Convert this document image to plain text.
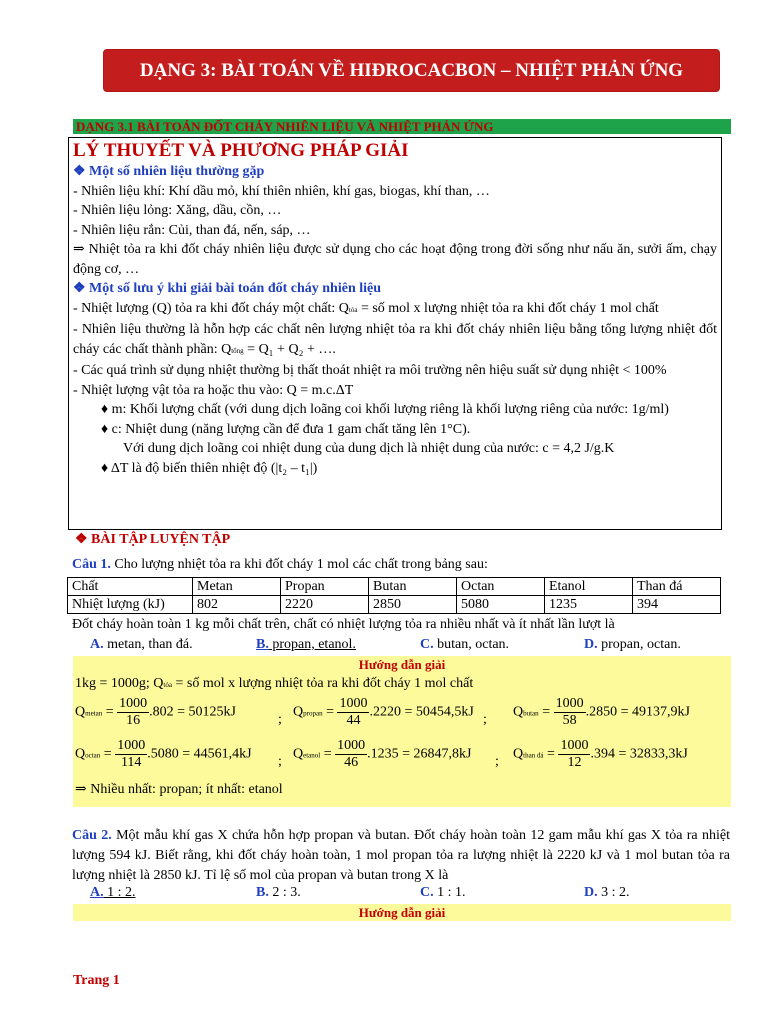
DẠNG 3: BÀI TOÁN VỀ HIĐROCACBON – NHIỆT PHẢN ỨNG
DẠNG 3.1 BÀI TOÁN ĐỐT CHÁY NHIÊN LIỆU VÀ NHIỆT PHẢN ỨNG
LÝ THUYẾT VÀ PHƯƠNG PHÁP GIẢI

❖ Một số nhiên liệu thường gặp

- Nhiên liệu khí: Khí dầu mỏ, khí thiên nhiên, khí gas, biogas, khí than, …

- Nhiên liệu lỏng: Xăng, dầu, cồn, …

- Nhiên liệu rắn: Củi, than đá, nến, sáp, …

⇒ Nhiệt tỏa ra khi đốt cháy nhiên liệu được sử dụng cho các hoạt động trong đời sống như nấu ăn, sưởi ấm, chạy động cơ, …

❖ Một số lưu ý khi giải bài toán đốt cháy nhiên liệu

- Nhiệt lượng (Q) tỏa ra khi đốt cháy một chất: Qtỏa = số mol x lượng nhiệt tỏa ra khi đốt cháy 1 mol chất

- Nhiên liệu thường là hỗn hợp các chất nên lượng nhiệt tỏa ra khi đốt cháy nhiên liệu bằng tổng lượng nhiệt đốt cháy các chất thành phần: Qtổng = Q₁ + Q₂ + ….

- Các quá trình sử dụng nhiệt thường bị thất thoát nhiệt ra môi trường nên hiệu suất sử dụng nhiệt < 100%

- Nhiệt lượng vật tỏa ra hoặc thu vào: Q = m.c.ΔT

♦ m: Khối lượng chất (với dung dịch loãng coi khối lượng riêng là khối lượng riêng của nước: 1g/ml)

♦ c: Nhiệt dung (năng lượng cần để đưa 1 gam chất tăng lên 1°C).

Với dung dịch loãng coi nhiệt dung của dung dịch là nhiệt dung của nước: c = 4,2 J/g.K

♦ ΔT là độ biến thiên nhiệt độ (|t₂ – t₁|)

❖ BÀI TẬP LUYỆN TẬP
Câu 1. Cho lượng nhiệt tỏa ra khi đốt cháy 1 mol các chất trong bảng sau:
Chất	Metan	Propan	Butan	Octan	Etanol	Than đá
Nhiệt lượng (kJ)	802	2220	2850	5080	1235	394
Đốt cháy hoàn toàn 1 kg mỗi chất trên, chất có nhiệt lượng tỏa ra nhiều nhất và ít nhất lần lượt là
A. metan, than đá.	B. propan, etanol.	C. butan, octan.	D. propan, octan.
Hướng dẫn giải
1kg = 1000g; Qtỏa = số mol x lượng nhiệt tỏa ra khi đốt cháy 1 mol chất
$Qmetan = \frac{1000}{16} .802 = 50125kJ$	Qpropan = $\frac{1000}{44} .2220 = 50454,5kJ$	$Qbutan = \frac{1000}{58} .2850 = 49137,9kJ$
$Qoctan = \frac{1000}{114} .5080 = 44561,4kJ$	Qetanol = $\frac{1000}{46} .1235 = 26847,8kJ$	Qthan đá = $\frac{1000}{12} .394 = 32833,3kJ$
;	;
;	;
⇒ Nhiều nhất: propan; ít nhất: etanol
Câu 2. Một mẫu khí gas X chứa hỗn hợp propan và butan. Đốt cháy hoàn toàn 12 gam mẫu khí gas X tỏa ra nhiệt lượng 594 kJ. Biết rằng, khi đốt cháy hoàn toàn, 1 mol propan tỏa ra lượng nhiệt là 2220 kJ và 1 mol butan tỏa ra lượng nhiệt là 2850 kJ. Tỉ lệ số mol của propan và butan trong X là
A. 1 : 2.	B. 2 : 3.	C. 1 : 1.	D. 3 : 2.
Hướng dẫn giải
Trang 1
